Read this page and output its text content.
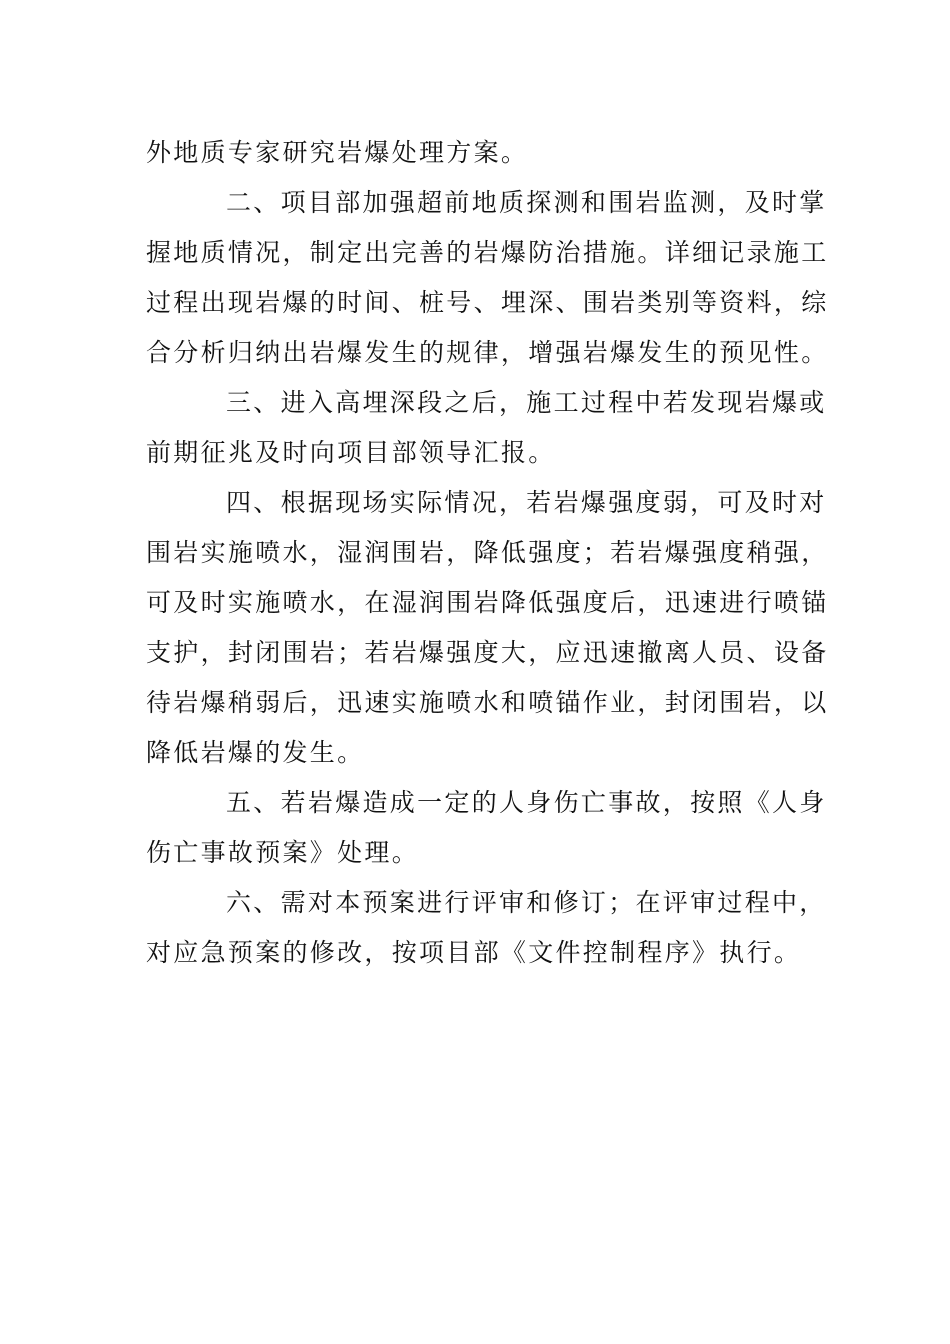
外地质专家研究岩爆处理方案。
二、项目部加强超前地质探测和围岩监测，及时掌
握地质情况，制定出完善的岩爆防治措施。详细记录施工
过程出现岩爆的时间、桩号、埋深、围岩类别等资料，综
合分析归纳出岩爆发生的规律，增强岩爆发生的预见性。
三、进入高埋深段之后，施工过程中若发现岩爆或
前期征兆及时向项目部领导汇报。
四、根据现场实际情况，若岩爆强度弱，可及时对
围岩实施喷水，湿润围岩，降低强度；若岩爆强度稍强，
可及时实施喷水，在湿润围岩降低强度后，迅速进行喷锚
支护，封闭围岩；若岩爆强度大，应迅速撤离人员、设备
待岩爆稍弱后，迅速实施喷水和喷锚作业，封闭围岩，以
降低岩爆的发生。
五、若岩爆造成一定的人身伤亡事故，按照《人身
伤亡事故预案》处理。
六、需对本预案进行评审和修订；在评审过程中，
对应急预案的修改，按项目部《文件控制程序》执行。
